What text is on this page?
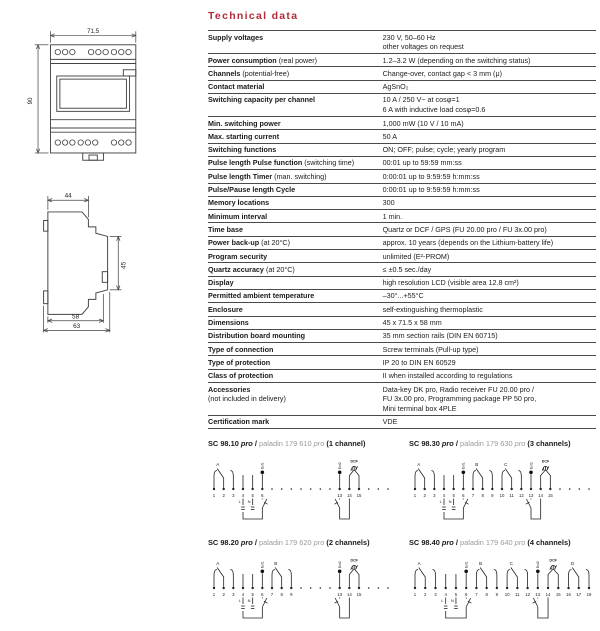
71,5
90
44
45
58
63
Technical data
Supply voltages	230 V, 50–60 Hz
other voltages on request
Power consumption (real power)	1.2–3.2 W (depending on the switching status)
Channels (potential-free)	Change-over, contact gap < 3 mm (μ)
Contact material	AgSnO₂
Switching capacity per channel	10 A / 250 V~ at cosφ=1
6 A with inductive load cosφ=0.6
Min. switching power	1,000 mW (10 V / 10 mA)
Max. starting current	50 A
Switching functions	ON; OFF; pulse; cycle; yearly program
Pulse length Pulse function (switching time)	00:01 up to 59:59 mm:ss
Pulse length Timer (man. switching)	0:00:01 up to 9:59:59 h:mm:ss
Pulse/Pause length Cycle	0:00:01 up to 9:59:59 h:mm:ss
Memory locations	300
Minimum interval	1 min.
Time base	Quartz or DCF / GPS (FU 20.00 pro / FU 3x.00 pro)
Power back-up (at 20°C)	approx. 10 years (depends on the Lithium-battery life)
Program security	unlimited (E²-PROM)
Quartz accuracy (at 20°C)	≤ ±0.5 sec./day
Display	high resolution LCD (visible area 12.8 cm²)
Permitted ambient temperature	–30°...+55°C
Enclosure	self-extinguishing thermoplastic
Dimensions	45 x 71.5 x 58 mm
Distribution board mounting	35 mm section rails (DIN EN 60715)
Type of connection	Screw terminals (Pull-up type)
Type of protection	IP 20 to DIN EN 60529
Class of protection	II when installed according to regulations
Accessories
(not included in delivery)
Data-key DK pro, Radio receiver FU 20.00 pro /
FU 3x.00 pro, Programming package PP 50 pro,
Mini terminal box 4PLE
Certification mark	VDE
SC 98.10 pro / paladin 179 610 pro (1 channel)
1 2 3 4 5 6	13 14 15
A	Ext1	Ext2
DCF
L N
SC 98.30 pro / paladin 179 630 pro (3 channels)
1 2 3 4 5 6 7 8 9 10 11 12 13 14 15
A	B	C
Ext1	Ext2
DCF
L N
SC 98.20 pro / paladin 179 620 pro (2 channels)
1 2 3 4 5 6 7 8 9	13 14 15
A	B
Ext1	Ext2
DCF
L N
SC 98.40 pro / paladin 179 640 pro (4 channels)
1 2 3 4 5 6 7 8 9 10 11 12 13 14 15 16 17 18
A	B	C	D
Ext1	Ext2
DCF
L N
